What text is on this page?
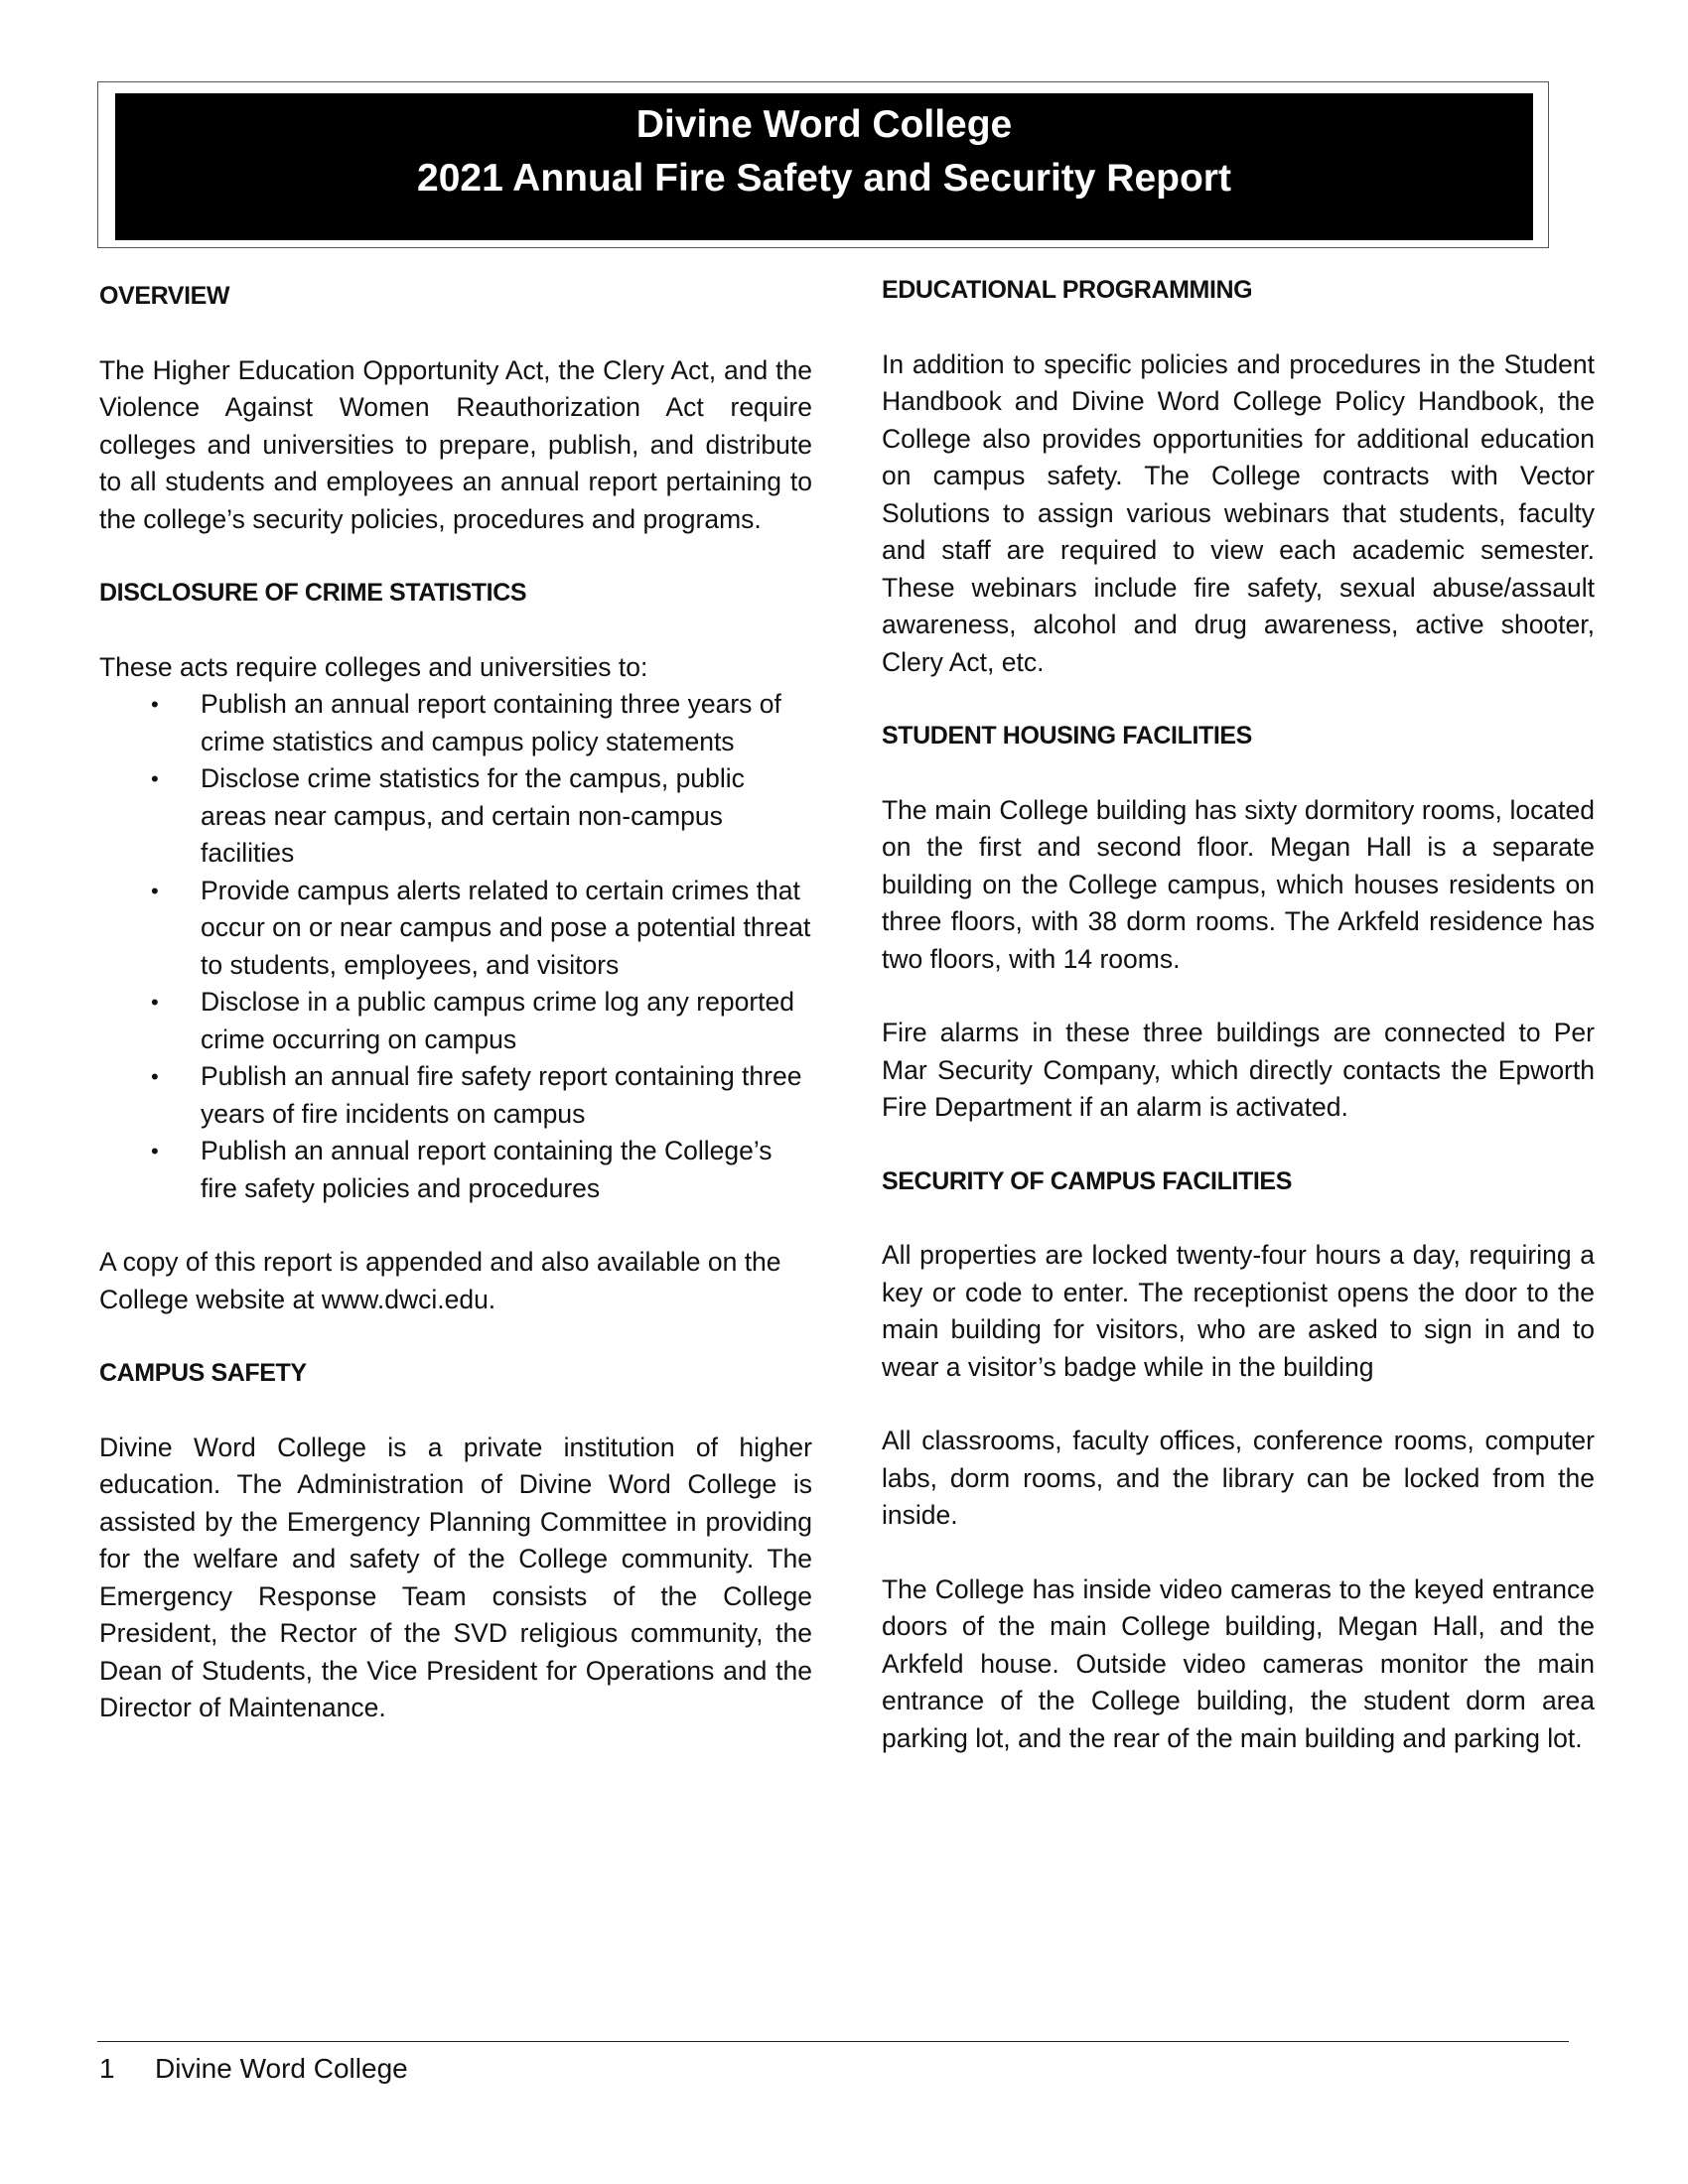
Divine Word College
2021 Annual Fire Safety and Security Report
OVERVIEW

The Higher Education Opportunity Act, the Clery Act, and the Violence Against Women Reauthorization Act require colleges and universities to prepare, publish, and distribute to all students and employees an annual report pertaining to the college’s security policies, procedures and programs.

DISCLOSURE OF CRIME STATISTICS
These acts require colleges and universities to:
• Publish an annual report containing three years of crime statistics and campus policy statements
• Disclose crime statistics for the campus, public areas near campus, and certain non-campus facilities
• Provide campus alerts related to certain crimes that occur on or near campus and pose a potential threat to students, employees, and visitors
• Disclose in a public campus crime log any reported crime occurring on campus
• Publish an annual fire safety report containing three years of fire incidents on campus
• Publish an annual report containing the College’s fire safety policies and procedures

A copy of this report is appended and also available on the College website at www.dwci.edu.

CAMPUS SAFETY

Divine Word College is a private institution of higher education. The Administration of Divine Word College is assisted by the Emergency Planning Committee in providing for the welfare and safety of the College community. The Emergency Response Team consists of the College President, the Rector of the SVD religious community, the Dean of Students, the Vice President for Operations and the Director of Maintenance.

EDUCATIONAL PROGRAMMING

In addition to specific policies and procedures in the Student Handbook and Divine Word College Policy Handbook, the College also provides opportunities for additional education on campus safety. The College contracts with Vector Solutions to assign various webinars that students, faculty and staff are required to view each academic semester. These webinars include fire safety, sexual abuse/assault awareness, alcohol and drug awareness, active shooter, Clery Act, etc.

STUDENT HOUSING FACILITIES

The main College building has sixty dormitory rooms, located on the first and second floor. Megan Hall is a separate building on the College campus, which houses residents on three floors, with 38 dorm rooms. The Arkfeld residence has two floors, with 14 rooms.

Fire alarms in these three buildings are connected to Per Mar Security Company, which directly contacts the Epworth Fire Department if an alarm is activated.

SECURITY OF CAMPUS FACILITIES

All properties are locked twenty-four hours a day, requiring a key or code to enter. The receptionist opens the door to the main building for visitors, who are asked to sign in and to wear a visitor’s badge while in the building

All classrooms, faculty offices, conference rooms, computer labs, dorm rooms, and the library can be locked from the inside.

The College has inside video cameras to the keyed entrance doors of the main College building, Megan Hall, and the Arkfeld house. Outside video cameras monitor the main entrance of the College building, the student dorm area parking lot, and the rear of the main building and parking lot.

1 Divine Word College
